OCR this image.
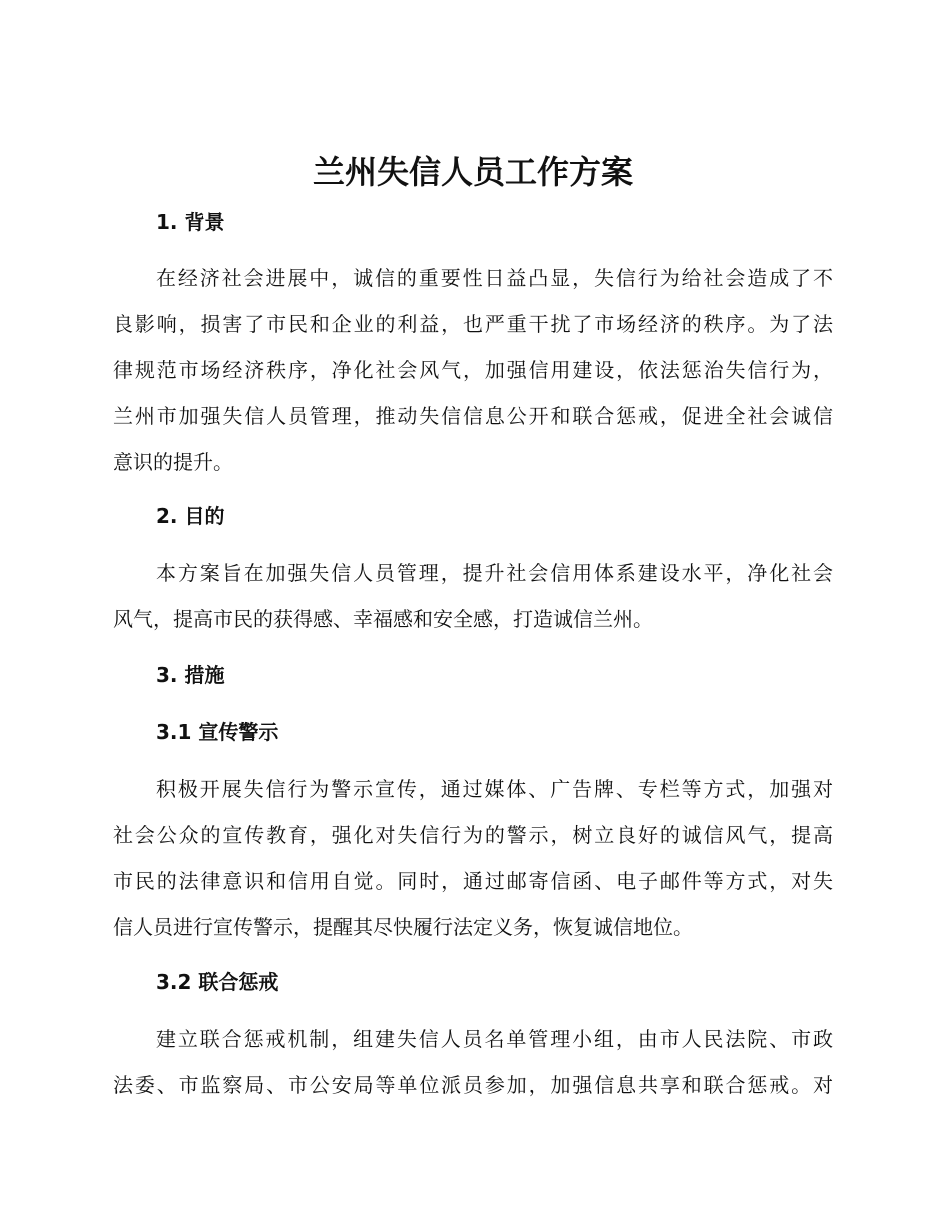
兰州失信人员工作方案
1. 背景
在经济社会进展中，诚信的重要性日益凸显，失信行为给社会造成了不
良影响，损害了市民和企业的利益，也严重干扰了市场经济的秩序。为了法
律规范市场经济秩序，净化社会风气，加强信用建设，依法惩治失信行为，
兰州市加强失信人员管理，推动失信信息公开和联合惩戒，促进全社会诚信
意识的提升。
2. 目的
本方案旨在加强失信人员管理，提升社会信用体系建设水平，净化社会
风气，提高市民的获得感、幸福感和安全感，打造诚信兰州。
3. 措施
3.1 宣传警示
积极开展失信行为警示宣传，通过媒体、广告牌、专栏等方式，加强对
社会公众的宣传教育，强化对失信行为的警示，树立良好的诚信风气，提高
市民的法律意识和信用自觉。同时，通过邮寄信函、电子邮件等方式，对失
信人员进行宣传警示，提醒其尽快履行法定义务，恢复诚信地位。
3.2 联合惩戒
建立联合惩戒机制，组建失信人员名单管理小组，由市人民法院、市政
法委、市监察局、市公安局等单位派员参加，加强信息共享和联合惩戒。对
